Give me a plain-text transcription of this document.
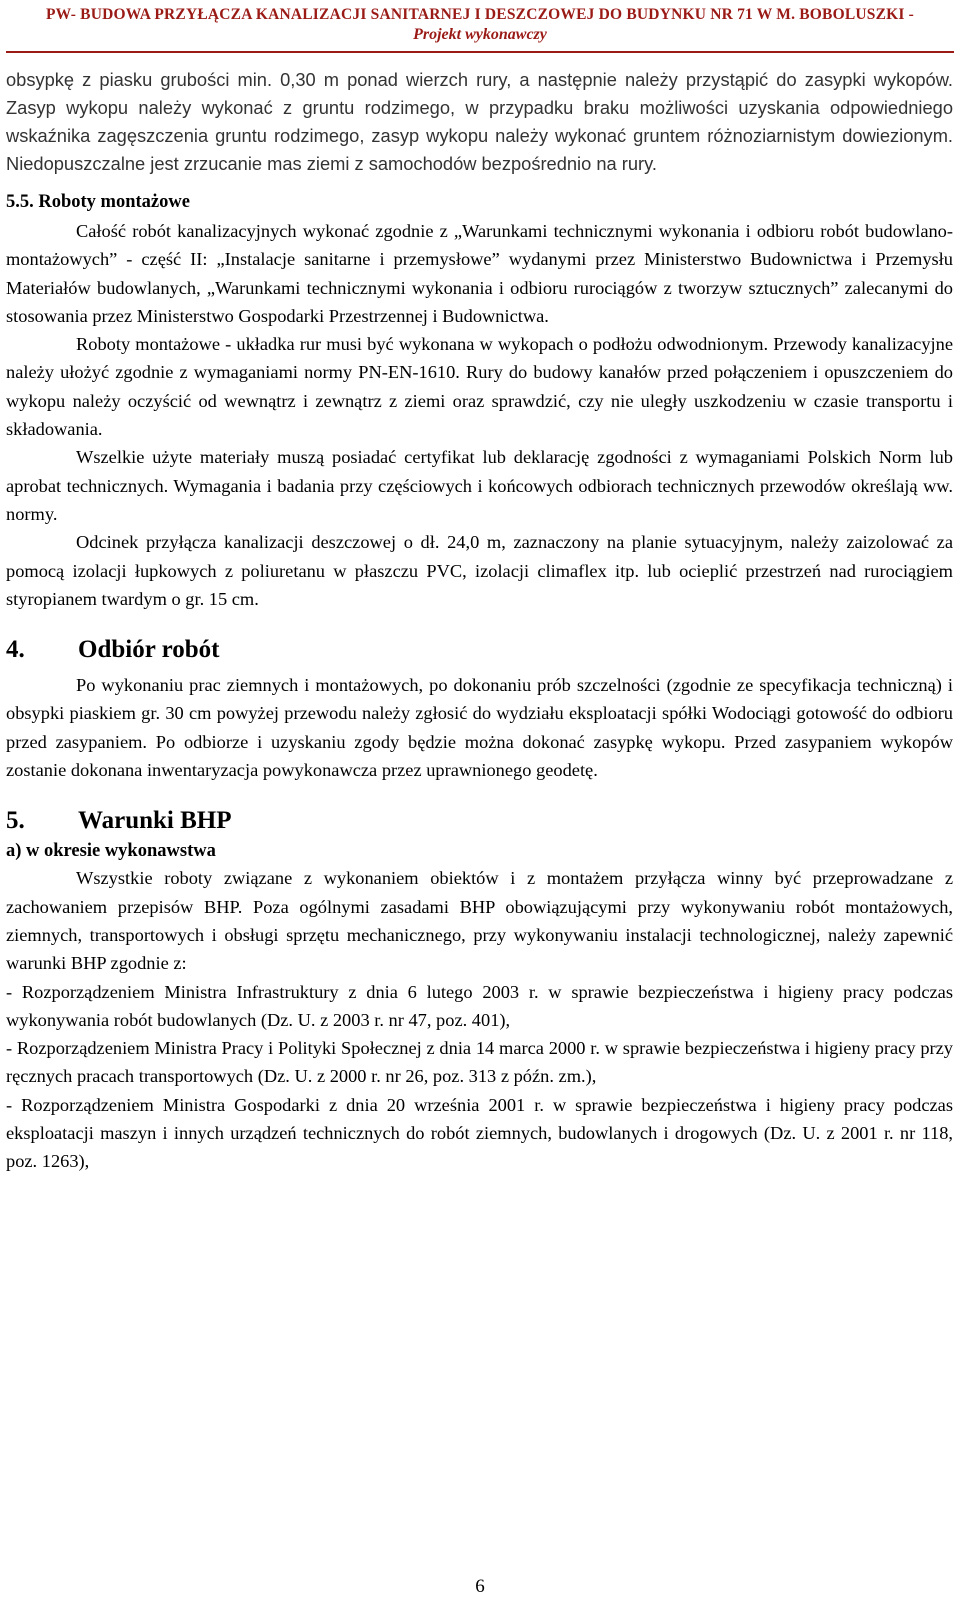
PW- BUDOWA PRZYŁĄCZA KANALIZACJI SANITARNEJ I DESZCZOWEJ DO BUDYNKU NR 71 W M. BOBOLUSZKI -
Projekt wykonawczy

obsypkę z piasku grubości min. 0,30 m ponad wierzch rury, a następnie należy przystąpić do zasypki wykopów. Zasyp wykopu należy wykonać z gruntu rodzimego, w przypadku braku możliwości uzyskania odpowiedniego wskaźnika zagęszczenia gruntu rodzimego, zasyp wykopu należy wykonać gruntem różnoziarnistym dowiezionym. Niedopuszczalne jest zrzucanie mas ziemi z samochodów bezpośrednio na rury.

5.5. Roboty montażowe

Całość robót kanalizacyjnych wykonać zgodnie z „Warunkami technicznymi wykonania i odbioru robót budowlano-montażowych” - część II: „Instalacje sanitarne i przemysłowe” wydanymi przez Ministerstwo Budownictwa i Przemysłu Materiałów budowlanych, „Warunkami technicznymi wykonania i odbioru rurociągów z tworzyw sztucznych” zalecanymi do stosowania przez Ministerstwo Gospodarki Przestrzennej i Budownictwa.

Roboty montażowe - układka rur musi być wykonana w wykopach o podłożu odwodnionym. Przewody kanalizacyjne należy ułożyć zgodnie z wymaganiami normy PN-EN-1610. Rury do budowy kanałów przed połączeniem i opuszczeniem do wykopu należy oczyścić od wewnątrz i zewnątrz z ziemi oraz sprawdzić, czy nie uległy uszkodzeniu w czasie transportu i składowania.

Wszelkie użyte materiały muszą posiadać certyfikat lub deklarację zgodności z wymaganiami Polskich Norm lub aprobat technicznych. Wymagania i badania przy częściowych i końcowych odbiorach technicznych przewodów określają ww. normy.

Odcinek przyłącza kanalizacji deszczowej o dł. 24,0 m, zaznaczony na planie sytuacyjnym, należy zaizolować za pomocą izolacji łupkowych z poliuretanu w płaszczu PVC, izolacji climaflex itp. lub ocieplić przestrzeń nad rurociągiem styropianem twardym o gr. 15 cm.

4. Odbiór robót

Po wykonaniu prac ziemnych i montażowych, po dokonaniu prób szczelności (zgodnie ze specyfikacja techniczną) i obsypki piaskiem gr. 30 cm powyżej przewodu należy zgłosić do wydziału eksploatacji spółki Wodociągi gotowość do odbioru przed zasypaniem. Po odbiorze i uzyskaniu zgody będzie można dokonać zasypkę wykopu. Przed zasypaniem wykopów zostanie dokonana inwentaryzacja powykonawcza przez uprawnionego geodetę.

5. Warunki BHP

a) w okresie wykonawstwa

Wszystkie roboty związane z wykonaniem obiektów i z montażem przyłącza winny być przeprowadzane z zachowaniem przepisów BHP. Poza ogólnymi zasadami BHP obowiązującymi przy wykonywaniu robót montażowych, ziemnych, transportowych i obsługi sprzętu mechanicznego, przy wykonywaniu instalacji technologicznej, należy zapewnić warunki BHP zgodnie z:

- Rozporządzeniem Ministra Infrastruktury z dnia 6 lutego 2003 r. w sprawie bezpieczeństwa i higieny pracy podczas wykonywania robót budowlanych (Dz. U. z 2003 r. nr 47, poz. 401),

- Rozporządzeniem Ministra Pracy i Polityki Społecznej z dnia 14 marca 2000 r. w sprawie bezpieczeństwa i higieny pracy przy ręcznych pracach transportowych (Dz. U. z 2000 r. nr 26, poz. 313 z późn. zm.),

- Rozporządzeniem Ministra Gospodarki z dnia 20 września 2001 r. w sprawie bezpieczeństwa i higieny pracy podczas eksploatacji maszyn i innych urządzeń technicznych do robót ziemnych, budowlanych i drogowych (Dz. U. z 2001 r. nr 118, poz. 1263),

6
